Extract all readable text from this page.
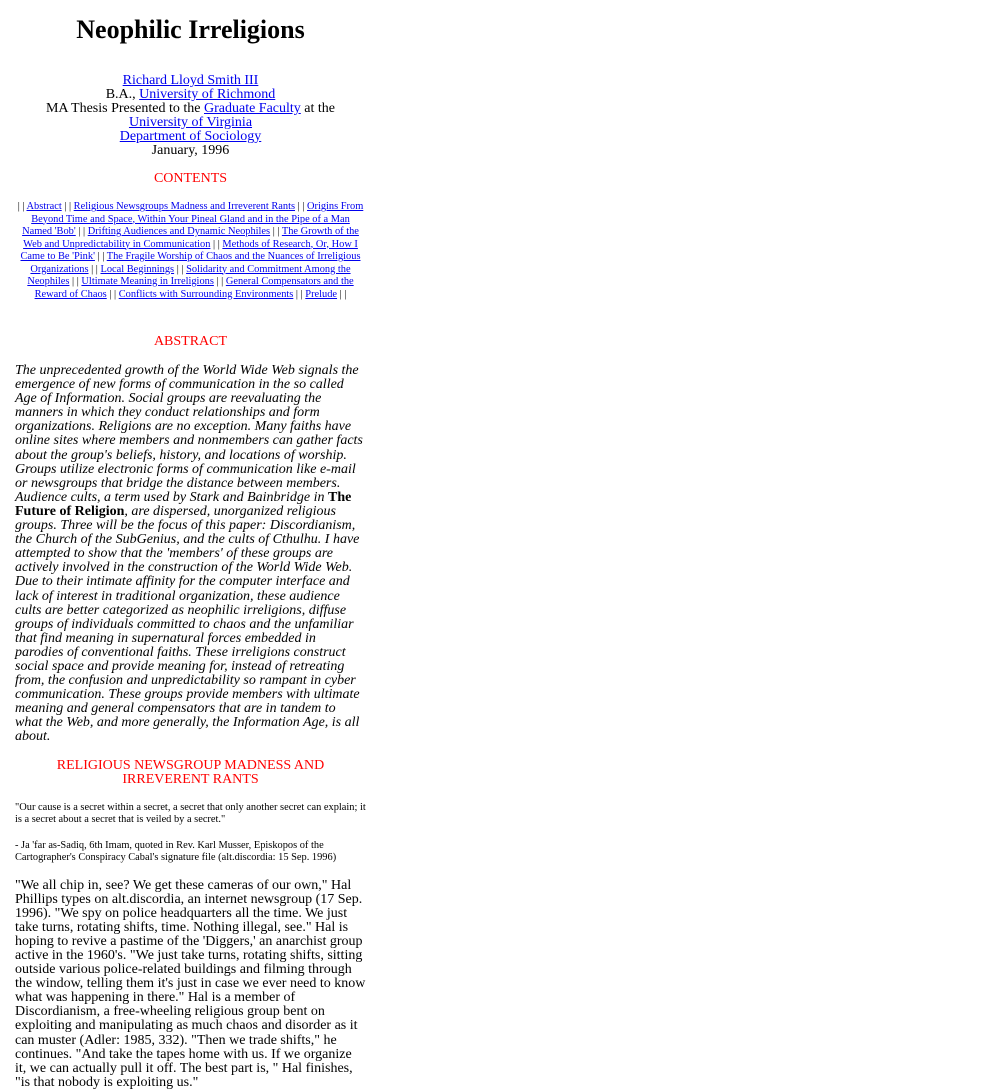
Neophilic Irreligions
Richard Lloyd Smith III
B.A., University of Richmond
MA Thesis Presented to the Graduate Faculty at the University of Virginia
Department of Sociology
January, 1996
CONTENTS
| | Abstract | | Religious Newsgroups Madness and Irreverent Rants | | Origins From Beyond Time and Space, Within Your Pineal Gland and in the Pipe of a Man Named 'Bob' | | Drifting Audiences and Dynamic Neophiles | | The Growth of the Web and Unpredictability in Communication | | Methods of Research, Or, How I Came to Be 'Pink' | | The Fragile Worship of Chaos and the Nuances of Irreligious Organizations | | Local Beginnings | | Solidarity and Commitment Among the Neophiles | | Ultimate Meaning in Irreligions | | General Compensators and the Reward of Chaos | | Conflicts with Surrounding Environments | | Prelude | |
ABSTRACT

The unprecedented growth of the World Wide Web signals the emergence of new forms of communication in the so called Age of Information. Social groups are reevaluating the manners in which they conduct relationships and form organizations. Religions are no exception. Many faiths have online sites where members and nonmembers can gather facts about the group's beliefs, history, and locations of worship. Groups utilize electronic forms of communication like e-mail or newsgroups that bridge the distance between members. Audience cults, a term used by Stark and Bainbridge in The Future of Religion, are dispersed, unorganized religious groups. Three will be the focus of this paper: Discordianism, the Church of the SubGenius, and the cults of Cthulhu. I have attempted to show that the 'members' of these groups are actively involved in the construction of the World Wide Web. Due to their intimate affinity for the computer interface and lack of interest in traditional organization, these audience cults are better categorized as neophilic irreligions, diffuse groups of individuals committed to chaos and the unfamiliar that find meaning in supernatural forces embedded in parodies of conventional faiths. These irreligions construct social space and provide meaning for, instead of retreating from, the confusion and unpredictability so rampant in cyber communication. These groups provide members with ultimate meaning and general compensators that are in tandem to what the Web, and more generally, the Information Age, is all about.

RELIGIOUS NEWSGROUP MADNESS AND IRREVERENT RANTS

"Our cause is a secret within a secret, a secret that only another secret can explain; it is a secret about a secret that is veiled by a secret."

- Ja 'far as-Sadiq, 6th Imam, quoted in Rev. Karl Musser, Episkopos of the Cartographer's Conspiracy Cabal's signature file (alt.discordia: 15 Sep. 1996)

"We all chip in, see? We get these cameras of our own," Hal Phillips types on alt.discordia, an internet newsgroup (17 Sep. 1996). "We spy on police headquarters all the time. We just take turns, rotating shifts, time. Nothing illegal, see." Hal is hoping to revive a pastime of the 'Diggers,' an anarchist group active in the 1960's. "We just take turns, rotating shifts, sitting outside various police-related buildings and filming through the window, telling them it's just in case we ever need to know what was happening in there." Hal is a member of Discordianism, a free-wheeling religious group bent on exploiting and manipulating as much chaos and disorder as it can muster (Adler: 1985, 332). "Then we trade shifts," he continues. "And take the tapes home with us. If we organize it, we can actually pull it off. The best part is, " Hal finishes, "is that nobody is exploiting us."
